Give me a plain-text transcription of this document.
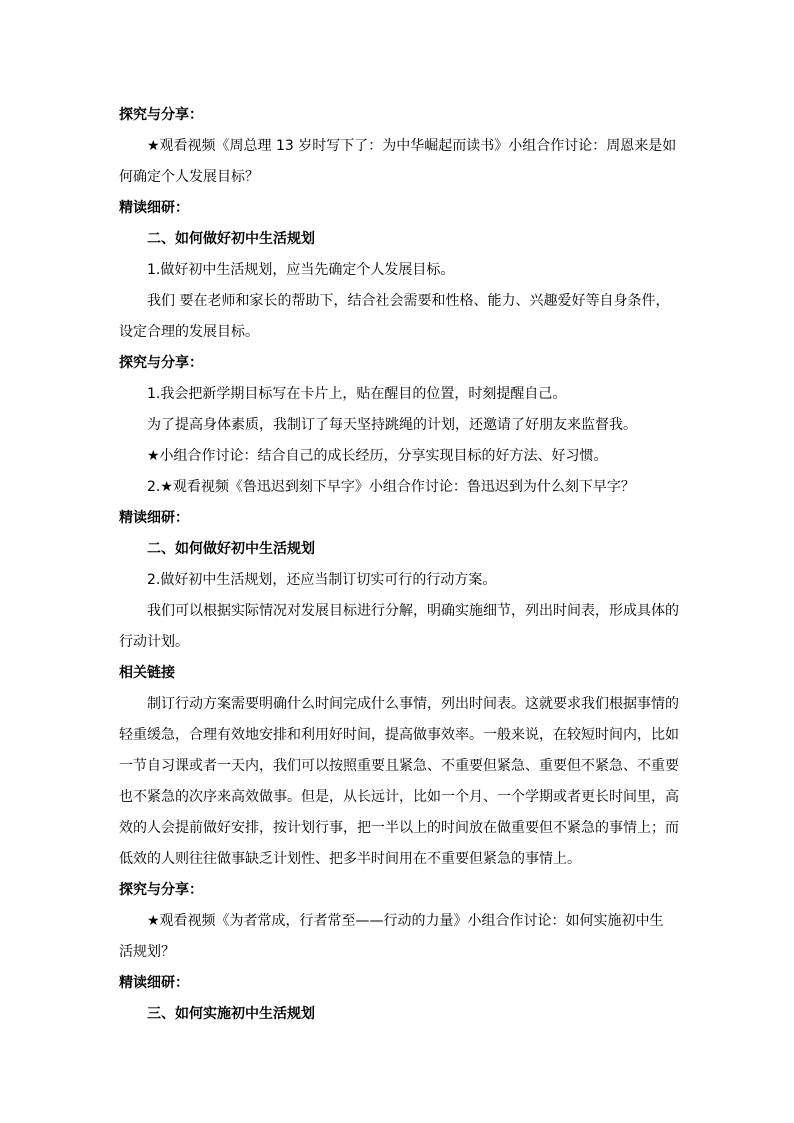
探究与分享：
★观看视频《周总理 13 岁时写下了：为中华崛起而读书》小组合作讨论：周恩来是如
何确定个人发展目标？
精读细研：
二、如何做好初中生活规划
1.做好初中生活规划，应当先确定个人发展目标。
我们 要在老师和家长的帮助下，结合社会需要和性格、能力、兴趣爱好等自身条件，
设定合理的发展目标。
探究与分享：
1.我会把新学期目标写在卡片上，贴在醒目的位置，时刻提醒自己。
为了提高身体素质，我制订了每天坚持跳绳的计划，还邀请了好朋友来监督我。
★小组合作讨论：结合自己的成长经历，分享实现目标的好方法、好习惯。
2.★观看视频《鲁迅迟到刻下早字》小组合作讨论：鲁迅迟到为什么刻下早字？
精读细研：
二、如何做好初中生活规划
2.做好初中生活规划，还应当制订切实可行的行动方案。
我们可以根据实际情况对发展目标进行分解，明确实施细节，列出时间表，形成具体的
行动计划。
相关链接
制订行动方案需要明确什么时间完成什么事情，列出时间表。这就要求我们根据事情的
轻重缓急，合理有效地安排和利用好时间，提高做事效率。一般来说，在较短时间内，比如
一节自习课或者一天内，我们可以按照重要且紧急、不重要但紧急、重要但不紧急、不重要
也不紧急的次序来高效做事。但是，从长远计，比如一个月、一个学期或者更长时间里，高
效的人会提前做好安排，按计划行事，把一半以上的时间放在做重要但不紧急的事情上；而
低效的人则往往做事缺乏计划性、把多半时间用在不重要但紧急的事情上。
探究与分享：
★观看视频《为者常成，行者常至——行动的力量》小组合作讨论：如何实施初中生
活规划？
精读细研：
三、如何实施初中生活规划
